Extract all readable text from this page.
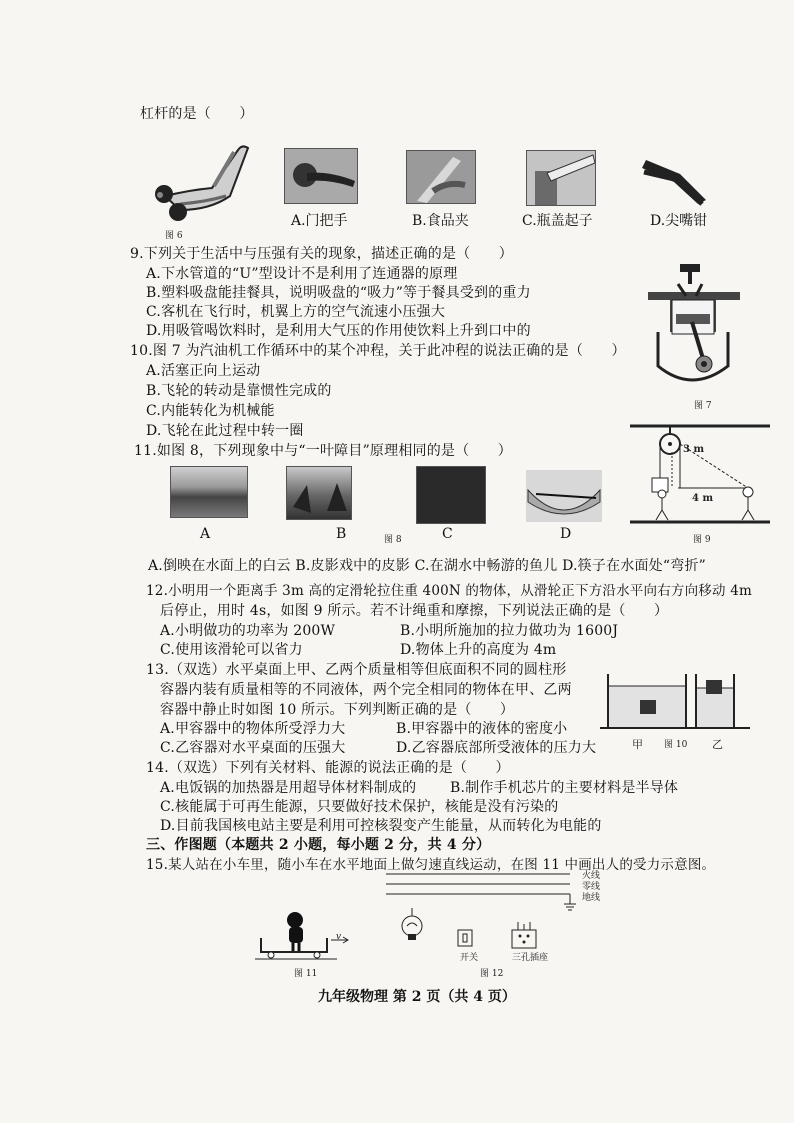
杠杆的是（　　）
图 6
A.门把手	B.食品夹	C.瓶盖起子	D.尖嘴钳
9.下列关于生活中与压强有关的现象，描述正确的是（　　）
A.下水管道的“U”型设计不是利用了连通器的原理
B.塑料吸盘能挂餐具，说明吸盘的“吸力”等于餐具受到的重力
C.客机在飞行时，机翼上方的空气流速小压强大
D.用吸管喝饮料时，是利用大气压的作用使饮料上升到口中的
图 7
10.图 7 为汽油机工作循环中的某个冲程，关于此冲程的说法正确的是（　　）
A.活塞正向上运动
B.飞轮的转动是靠惯性完成的
C.内能转化为机械能
D.飞轮在此过程中转一圈
11.如图 8，下列现象中与“一叶障目”原理相同的是（　　）
A	B	图 8	C	D
3 m
4 m
图 9
A.倒映在水面上的白云 B.皮影戏中的皮影 C.在湖水中畅游的鱼儿 D.筷子在水面处“弯折”
12.小明用一个距离手 3m 高的定滑轮拉住重 400N 的物体，从滑轮正下方沿水平向右方向移动 4m
后停止，用时 4s，如图 9 所示。若不计绳重和摩擦，下列说法正确的是（　　）
A.小明做功的功率为 200W	B.小明所施加的拉力做功为 1600J
C.使用该滑轮可以省力	D.物体上升的高度为 4m
13.（双选）水平桌面上甲、乙两个质量相等但底面积不同的圆柱形
容器内装有质量相等的不同液体，两个完全相同的物体在甲、乙两
容器中静止时如图 10 所示。下列判断正确的是（　　）
A.甲容器中的物体所受浮力大	B.甲容器中的液体的密度小
C.乙容器对水平桌面的压强大	D.乙容器底部所受液体的压力大	甲 图 10 乙
14.（双选）下列有关材料、能源的说法正确的是（　　）
A.电饭锅的加热器是用超导体材料制成的 B.制作手机芯片的主要材料是半导体
C.核能属于可再生能源，只要做好技术保护，核能是没有污染的
D.目前我国核电站主要是利用可控核裂变产生能量，从而转化为电能的
三、作图题（本题共 2 小题，每小题 2 分，共 4 分）
15.某人站在小车里，随小车在水平地面上做匀速直线运动，在图 11 中画出人的受力示意图。
v
图 11
火线
零线
地线
开关	三孔插座
图 12
九年级物理 第 2 页（共 4 页）
